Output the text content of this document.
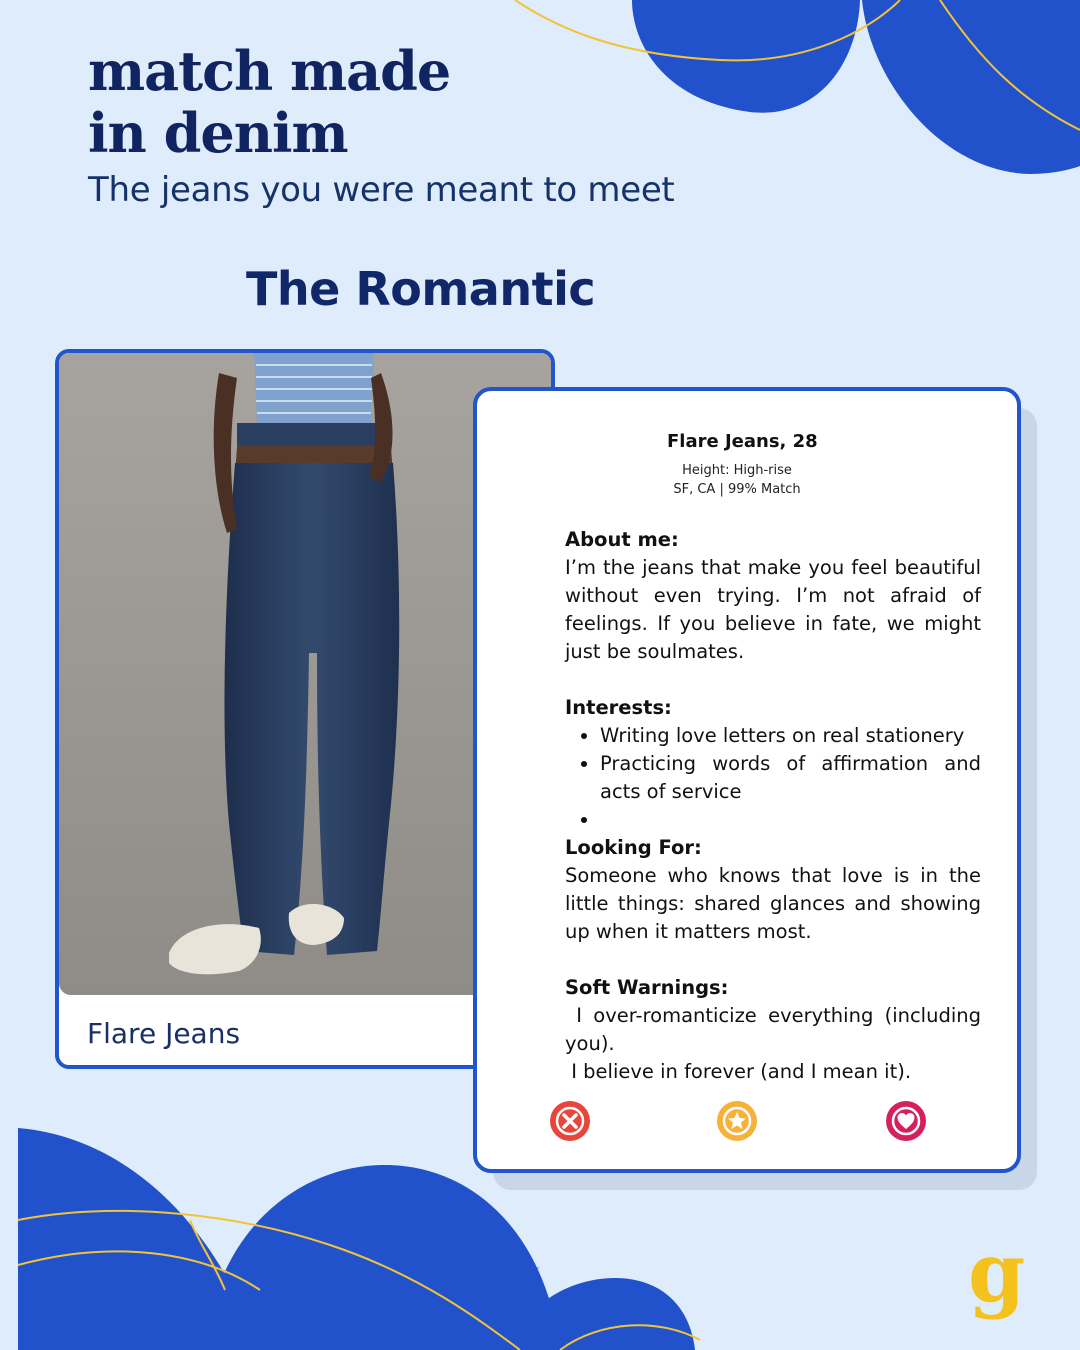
match made
in denim
The jeans you were meant to meet
The Romantic
Flare Jeans
Flare Jeans, 28
Height: High-rise
SF, CA | 99% Match
About me:

I’m the jeans that make you feel beautiful without even trying. I’m not afraid of feelings. If you believe in fate, we might just be soulmates.

Interests:
• Writing love letters on real stationery
• Practicing words of affirmation and acts of service
•
Looking For:

Someone who knows that love is in the little things: shared glances and showing up when it matters most.

Soft Warnings:

I over-romanticize everything (including you).

I believe in forever (and I mean it).

g
